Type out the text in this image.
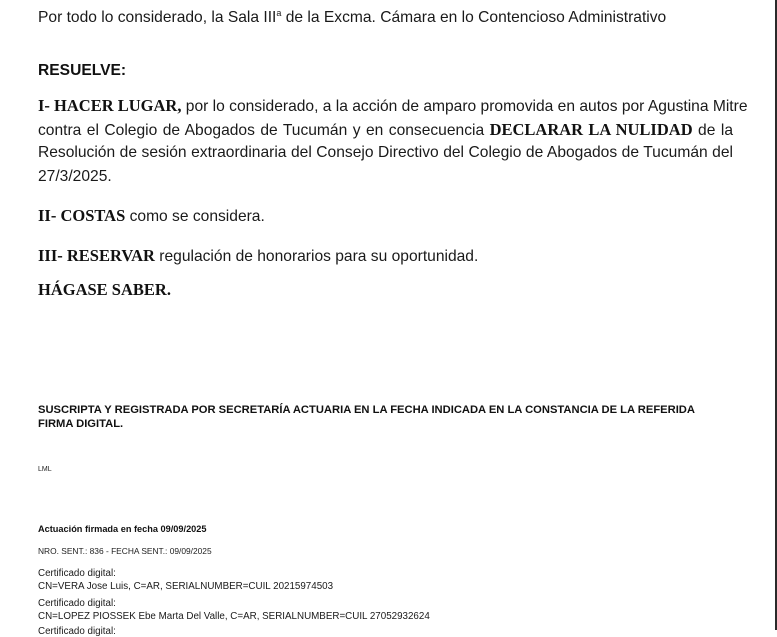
Por todo lo considerado, la Sala III$^a$ de la Excma. Cámara en lo Contencioso Administrativo
RESUELVE:
I- HACER LUGAR, por lo considerado, a la acción de amparo promovida en autos por Agustina Mitre
contra el Colegio de Abogados de Tucumán y en consecuencia DECLARAR LA NULIDAD de la
Resolución de sesión extraordinaria del Consejo Directivo del Colegio de Abogados de Tucumán del
27/3/2025.
II- COSTAS como se considera.
III- RESERVAR regulación de honorarios para su oportunidad.
HÁGASE SABER.
SUSCRIPTA Y REGISTRADA POR SECRETARÍA ACTUARIA EN LA FECHA INDICADA EN LA CONSTANCIA DE LA REFERIDA
FIRMA DIGITAL.
LML
Actuación firmada en fecha 09/09/2025
NRO. SENT.: 836 - FECHA SENT.: 09/09/2025
Certificado digital:
CN=VERA Jose Luis, C=AR, SERIALNUMBER=CUIL 20215974503
Certificado digital:
CN=LOPEZ PIOSSEK Ebe Marta Del Valle, C=AR, SERIALNUMBER=CUIL 27052932624
Certificado digital:
